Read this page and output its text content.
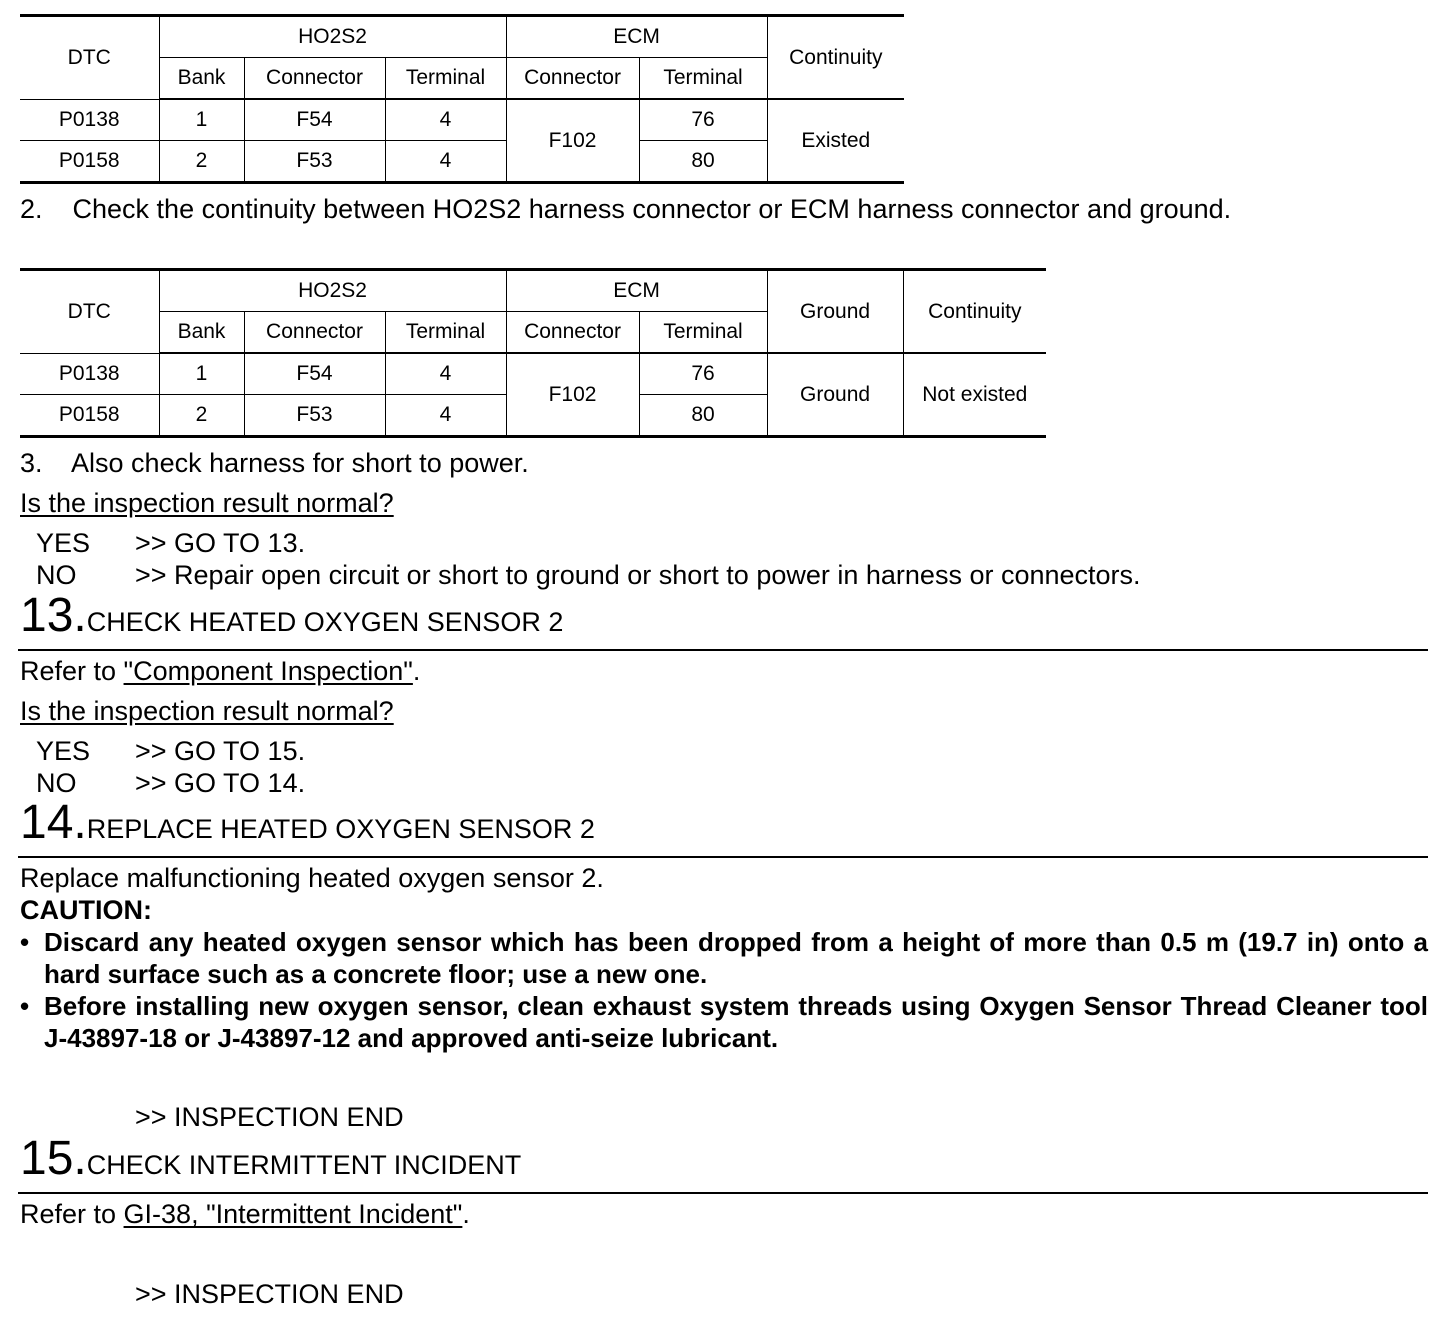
DTC	HO2S2			ECM		Continuity
	Bank	Connector	Terminal	Connector	Terminal	
P0138	1	F54	4	F102	76	Existed
P0158	2	F53	4		80	
2.    Check the continuity between HO2S2 harness connector or ECM harness connector and ground.
DTC	HO2S2			ECM		Ground	Continuity
	Bank	Connector	Terminal	Connector	Terminal		
P0138	1	F54	4	F102	76	Ground	Not existed
P0158	2	F53	4		80		
3.    Also check harness for short to power.
Is the inspection result normal?
YES >> GO TO 13.
NO >> Repair open circuit or short to ground or short to power in harness or connectors.
13.CHECK HEATED OXYGEN SENSOR 2
Refer to "Component Inspection".
Is the inspection result normal?
YES >> GO TO 15.
NO >> GO TO 14.
14.REPLACE HEATED OXYGEN SENSOR 2
Replace malfunctioning heated oxygen sensor 2.
CAUTION:
• Discard any heated oxygen sensor which has been dropped from a height of more than 0.5 m (19.7 in) onto a hard surface such as a concrete floor; use a new one.
• Before installing new oxygen sensor, clean exhaust system threads using Oxygen Sensor Thread Cleaner tool J-43897-18 or J-43897-12 and approved anti-seize lubricant.
>> INSPECTION END
15.CHECK INTERMITTENT INCIDENT
Refer to GI-38, "Intermittent Incident".
>> INSPECTION END
